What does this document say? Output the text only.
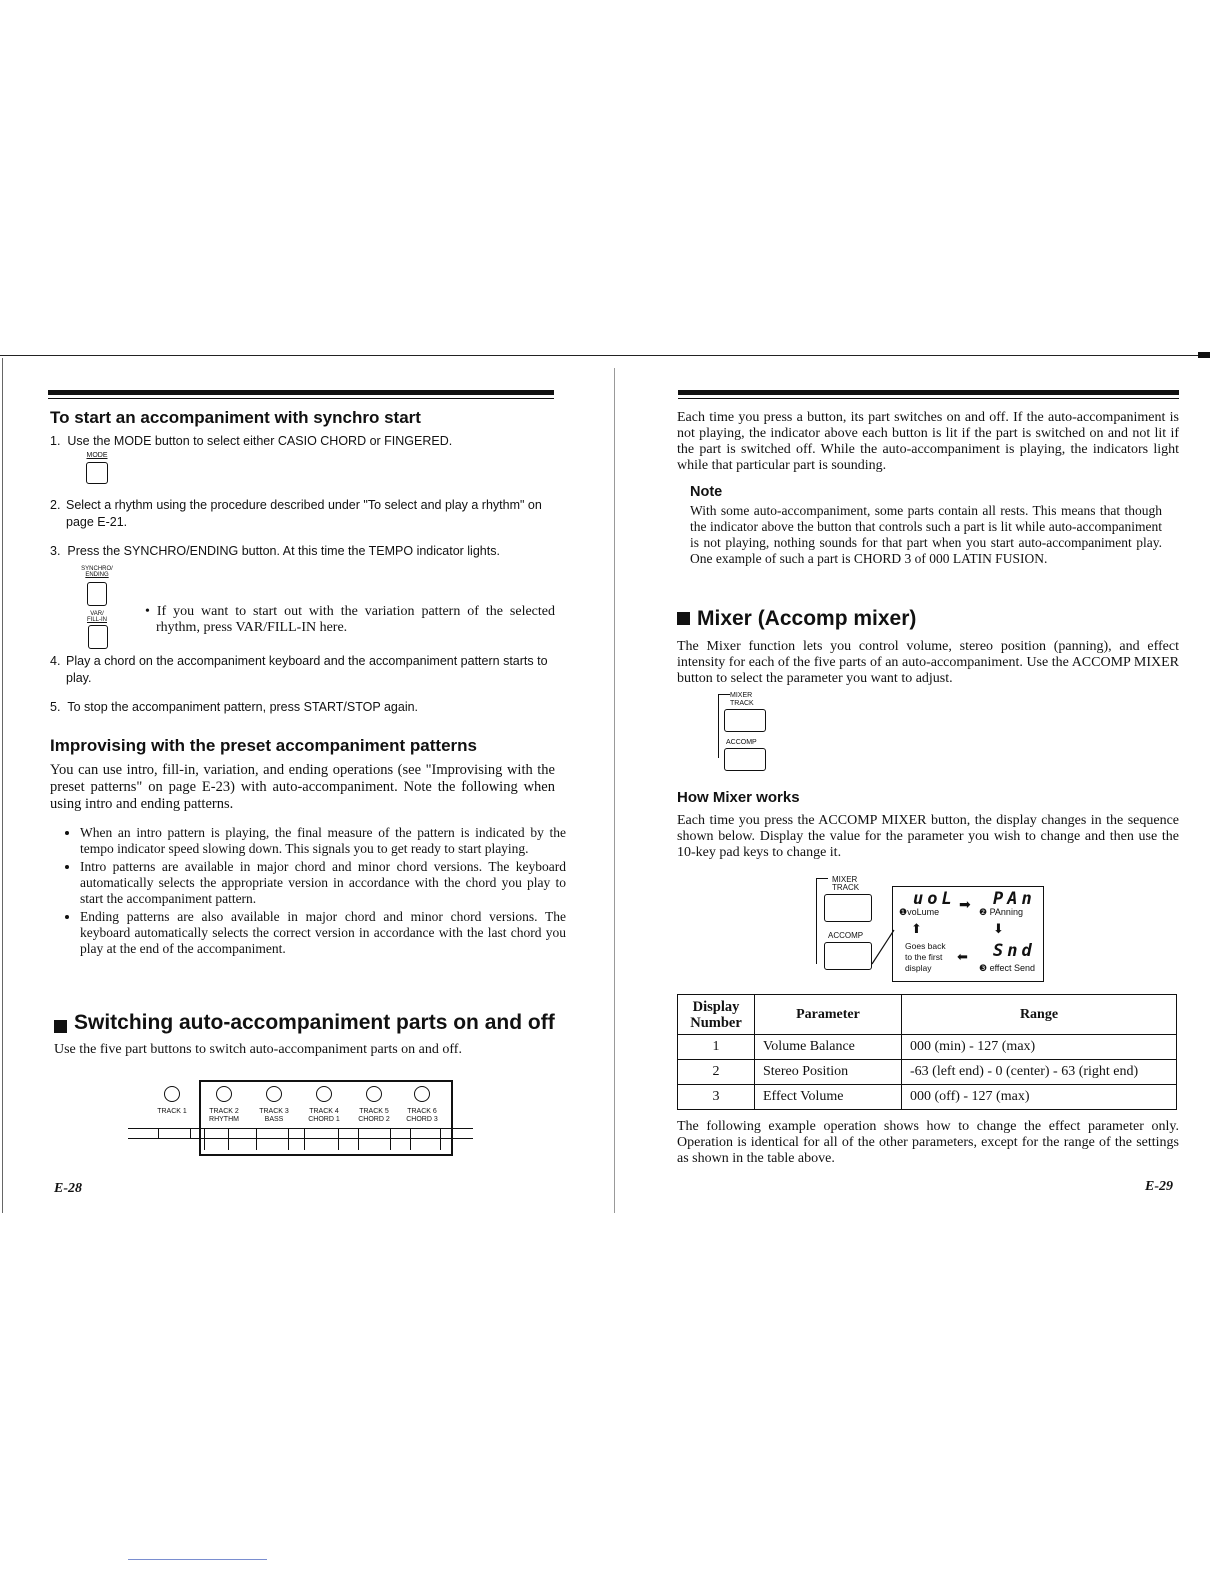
To start an accompaniment with synchro start
1.  Use the MODE button to select either CASIO CHORD or FINGERED.
MODE
2. Select a rhythm using the procedure described under "To select and play a rhythm" on page E-21.
3.  Press the SYNCHRO/ENDING button. At this time the TEMPO indicator lights.
SYNCHRO/
ENDING
VAR/
FILL-IN
• If you want to start out with the variation pattern of the selected rhythm, press VAR/FILL-IN here.
4. Play a chord on the accompaniment keyboard and the accompaniment pattern starts to play.
5.  To stop the accompaniment pattern, press START/STOP again.
Improvising with the preset accompaniment patterns
You can use intro, fill-in, variation, and ending operations (see "Improvising with the preset patterns" on page E-23) with auto-accompaniment. Note the following when using intro and ending patterns.
• When an intro pattern is playing, the final measure of the pattern is indicated by the tempo indicator speed slowing down. This signals you to get ready to start playing.
• Intro patterns are available in major chord and minor chord versions. The keyboard automatically selects the appropriate version in accordance with the chord you play to start the accompaniment pattern.
• Ending patterns are also available in major chord and minor chord versions. The keyboard automatically selects the correct version in accordance with the last chord you play at the end of the accompaniment.
Switching auto-accompaniment parts on and off
Use the five part buttons to switch auto-accompaniment parts on and off.
TRACK 1	TRACK 2
RHYTHM
TRACK 3
BASS
TRACK 4
CHORD 1
TRACK 5
CHORD 2
TRACK 6
CHORD 3
E-28
Each time you press a button, its part switches on and off. If the auto-accompaniment is not playing, the indicator above each button is lit if the part is switched on and not lit if the part is switched off. While the auto-accompaniment is playing, the indicators light while that particular part is sounding.
Note
With some auto-accompaniment, some parts contain all rests. This means that though the indicator above the button that controls such a part is lit while auto-accompaniment is not playing, nothing sounds for that part when you start auto-accompaniment play. One example of such a part is CHORD 3 of 000 LATIN FUSION.
Mixer (Accomp mixer)
The Mixer function lets you control volume, stereo position (panning), and effect intensity for each of the five parts of an auto-accompaniment. Use the ACCOMP MIXER button to select the parameter you want to adjust.
MIXER
TRACK
ACCOMP
How Mixer works
Each time you press the ACCOMP MIXER button, the display changes in the sequence shown below. Display the value for the parameter you wish to change and then use the 10-key pad keys to change it.
MIXER
TRACK
ACCOMP
uoL
❶voLume ➡ PAn
❷ PAnning
⬆	⬇
Goes back
to the first
display
⬅ Snd
❸ effect Send
Display Number	Parameter	Range
1	Volume Balance	000 (min) - 127 (max)
2	Stereo Position	-63 (left end) - 0 (center) - 63 (right end)
3	Effect Volume	000 (off) - 127 (max)
The following example operation shows how to change the effect parameter only. Operation is identical for all of the other parameters, except for the range of the settings as shown in the table above.
E-29
